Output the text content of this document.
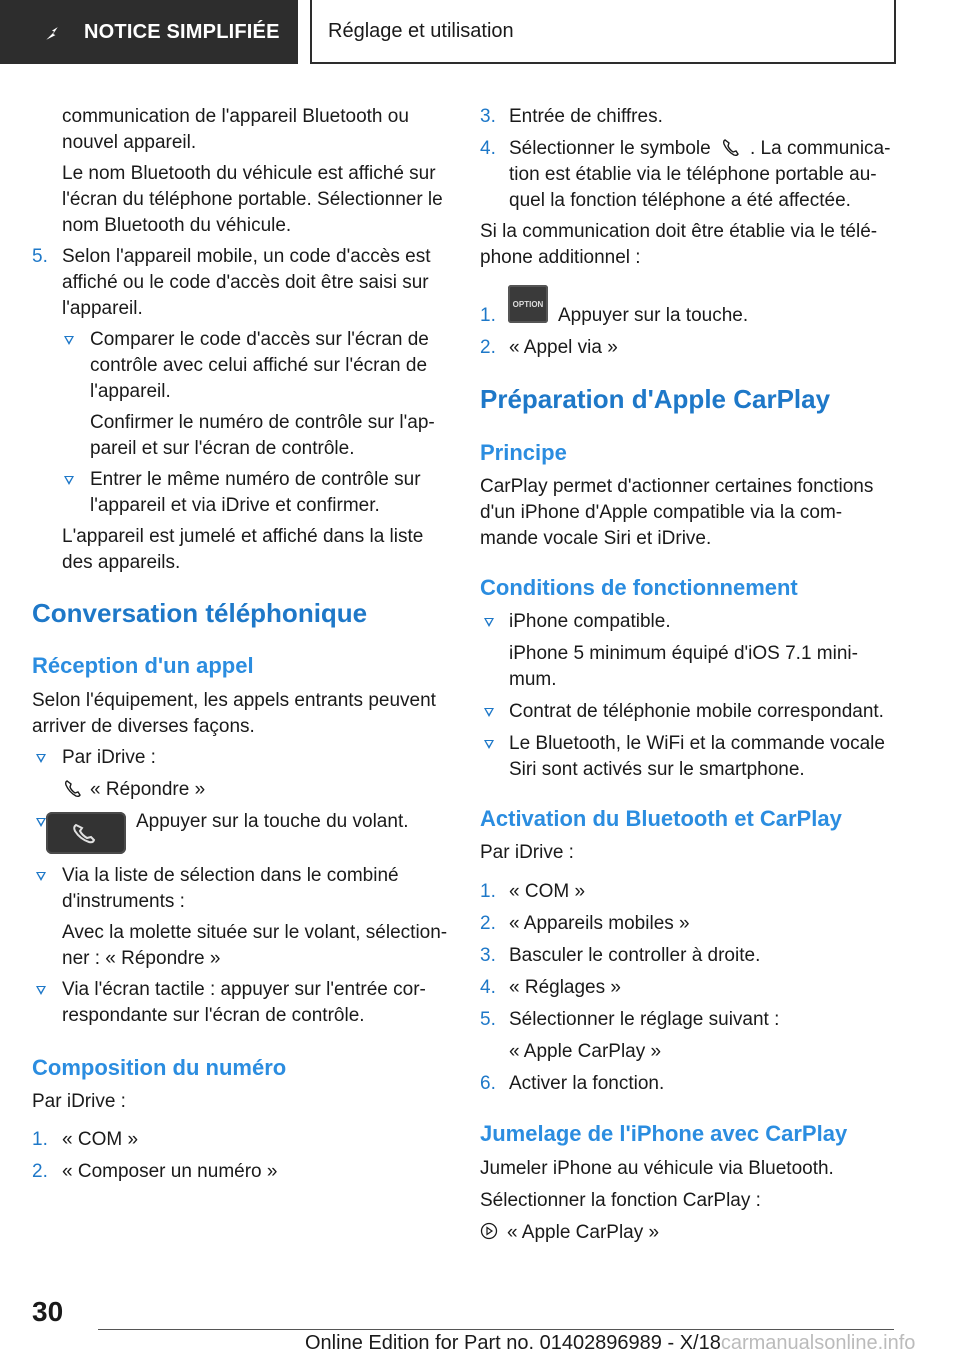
NOTICE SIMPLIFIÉE Réglage et utilisation
communication de l'appareil Bluetooth ou
nouvel appareil.
Le nom Bluetooth du véhicule est affiché sur
l'écran du téléphone portable. Sélectionner le
nom Bluetooth du véhicule.
5. Selon l'appareil mobile, un code d'accès est
affiché ou le code d'accès doit être saisi sur
l'appareil.
Comparer le code d'accès sur l'écran de
contrôle avec celui affiché sur l'écran de
l'appareil.
Confirmer le numéro de contrôle sur l'ap‐
pareil et sur l'écran de contrôle.
Entrer le même numéro de contrôle sur
l'appareil et via iDrive et confirmer.
L'appareil est jumelé et affiché dans la liste
des appareils.
Conversation téléphonique
Réception d'un appel
Selon l'équipement, les appels entrants peuvent
arriver de diverses façons.
Par iDrive :
« Répondre »
Appuyer sur la touche du volant.
Via la liste de sélection dans le combiné
d'instruments :
Avec la molette située sur le volant, sélection‐
ner : « Répondre »
Via l'écran tactile : appuyer sur l'entrée cor‐
respondante sur l'écran de contrôle.
Composition du numéro
Par iDrive :
1. « COM »
2. « Composer un numéro »
3. Entrée de chiffres.
4. Sélectionner le symbole . La communica‐
tion est établie via le téléphone portable au‐
quel la fonction téléphone a été affectée.
Si la communication doit être établie via le télé‐
phone additionnel :
1.
OPTION
Appuyer sur la touche.
2. « Appel via »
Préparation d'Apple CarPlay
Principe
CarPlay permet d'actionner certaines fonctions
d'un iPhone d'Apple compatible via la com‐
mande vocale Siri et iDrive.
Conditions de fonctionnement
iPhone compatible.
iPhone 5 minimum équipé d'iOS 7.1 mini‐
mum.
Contrat de téléphonie mobile correspondant.
Le Bluetooth, le WiFi et la commande vocale
Siri sont activés sur le smartphone.
Activation du Bluetooth et CarPlay
Par iDrive :
1. « COM »
2. « Appareils mobiles »
3. Basculer le controller à droite.
4. « Réglages »
5. Sélectionner le réglage suivant :
« Apple CarPlay »
6. Activer la fonction.
Jumelage de l'iPhone avec CarPlay
Jumeler iPhone au véhicule via Bluetooth.
Sélectionner la fonction CarPlay :
« Apple CarPlay »
30
Online Edition for Part no. 01402896989 - X/18carmanualsonline.info
